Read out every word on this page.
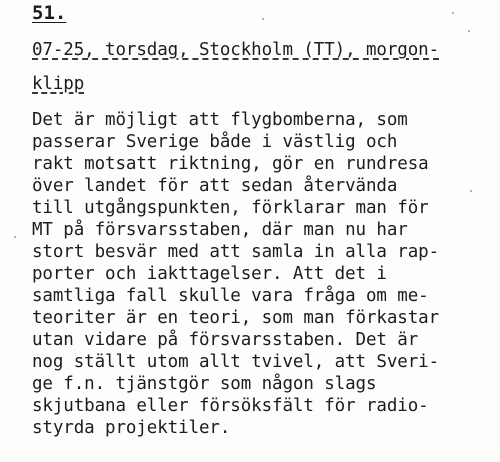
51.
07-25, torsdag, Stockholm (TT), morgon-
klipp
Det är möjligt att flygbomberna, som
passerar Sverige både i västlig och
rakt motsatt riktning, gör en rundresa
över landet för att sedan återvända
till utgångspunkten, förklarar man för
MT på försvarsstaben, där man nu har
stort besvär med att samla in alla rap-
porter och iakttagelser. Att det i
samtliga fall skulle vara fråga om me-
teoriter är en teori, som man förkastar
utan vidare på försvarsstaben. Det är
nog ställt utom allt tvivel, att Sveri-
ge f.n. tjänstgör som någon slags
skjutbana eller försöksfält för radio-
styrda projektiler.
